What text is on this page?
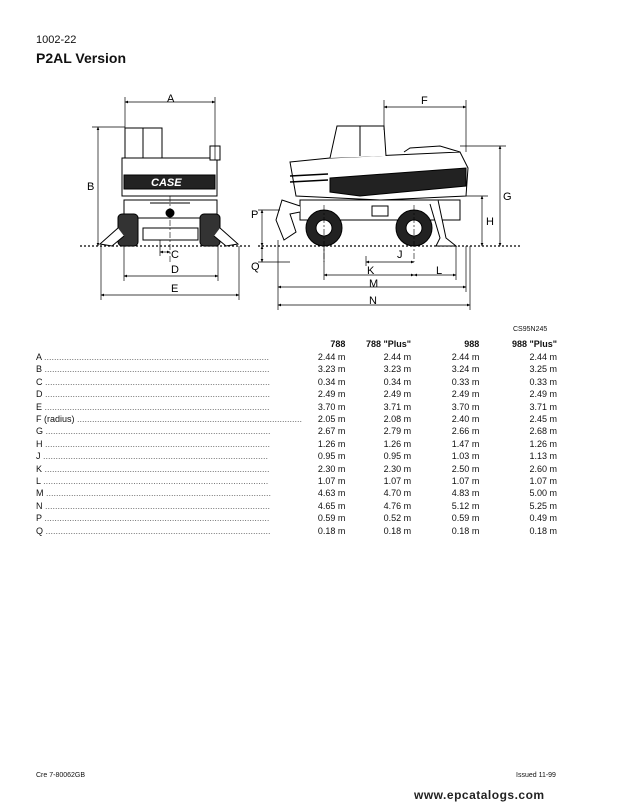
1002-22
P2AL Version
CASE
A
B
C
D
E
F
G
H
P
Q
J
K	L
M
N
CS95N245
	788	788 "Plus"	988	988 "Plus"
A ..........................................................................................	2.44 m	2.44 m	2.44 m	2.44 m
B ..........................................................................................	3.23 m	3.23 m	3.24 m	3.25 m
C ..........................................................................................	0.34 m	0.34 m	0.33 m	0.33 m
D ..........................................................................................	2.49 m	2.49 m	2.49 m	2.49 m
E ..........................................................................................	3.70 m	3.71 m	3.70 m	3.71 m
F (radius) ..........................................................................................	2.05 m	2.08 m	2.40 m	2.45 m
G ..........................................................................................	2.67 m	2.79 m	2.66 m	2.68 m
H ..........................................................................................	1.26 m	1.26 m	1.47 m	1.26 m
J ..........................................................................................	0.95 m	0.95 m	1.03 m	1.13 m
K ..........................................................................................	2.30 m	2.30 m	2.50 m	2.60 m
L ..........................................................................................	1.07 m	1.07 m	1.07 m	1.07 m
M ..........................................................................................	4.63 m	4.70 m	4.83 m	5.00 m
N ..........................................................................................	4.65 m	4.76 m	5.12 m	5.25 m
P ..........................................................................................	0.59 m	0.52 m	0.59 m	0.49 m
Q ..........................................................................................	0.18 m	0.18 m	0.18 m	0.18 m
Cre 7-80062GB	Issued 11-99
www.epcatalogs.com
